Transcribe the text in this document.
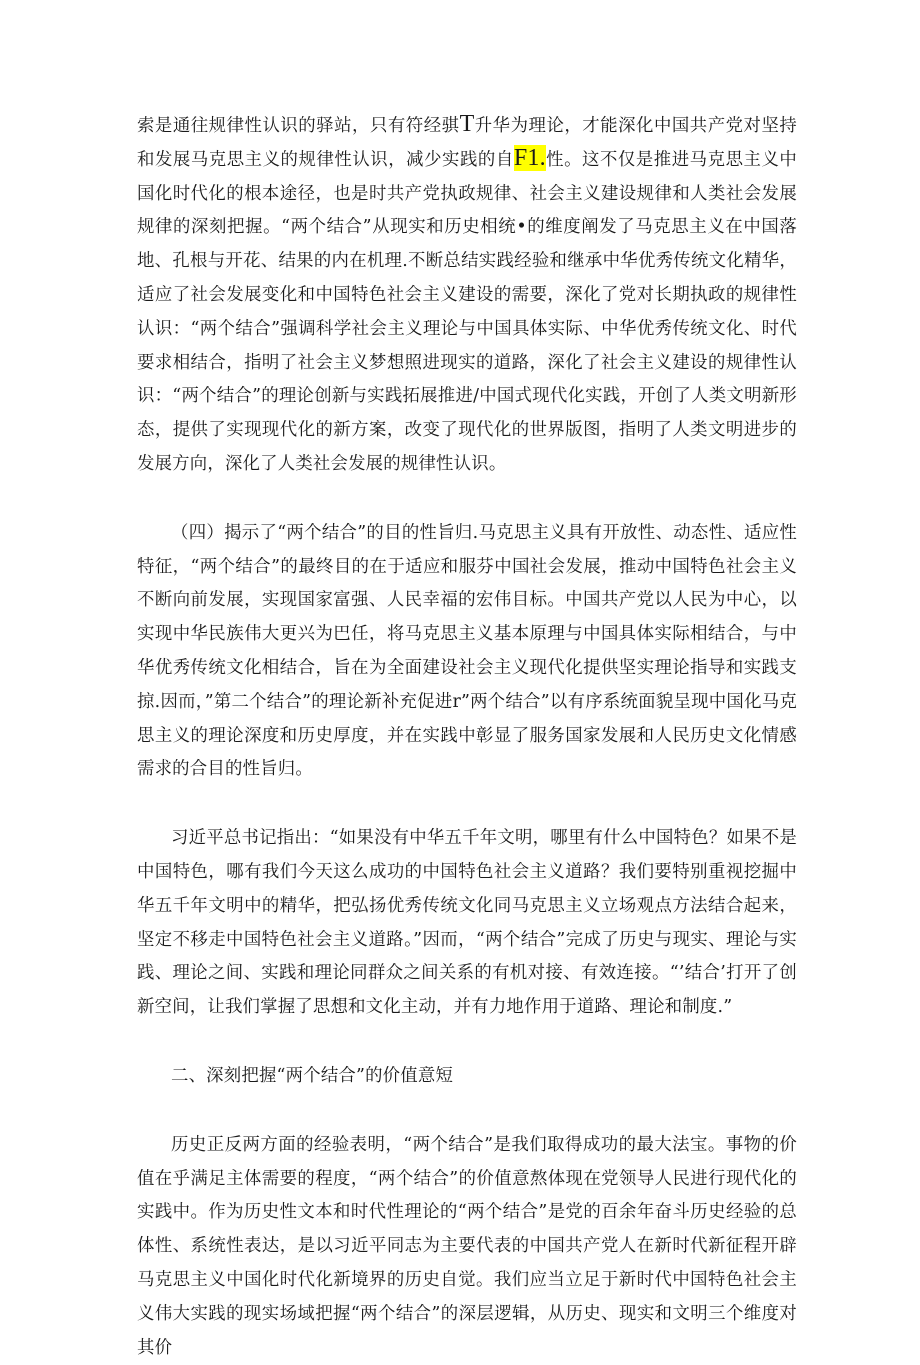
索是通往规律性认识的驿站，只有符经骐T升华为理论，才能深化中国共产党对坚持和发展马克思主义的规律性认识，减少实践的自F1.性。这不仅是推进马克思主义中国化时代化的根本途径，也是时共产党执政规律、社会主义建设规律和人类社会发展规律的深刻把握。“两个结合”从现实和历史相统•的维度阐发了马克思主义在中国落地、孔根与开花、结果的内在机理.不断总结实践经验和继承中华优秀传统文化精华，适应了社会发展变化和中国特色社会主义建设的需要，深化了党对长期执政的规律性认识：“两个结合”强调科学社会主义理论与中国具体实际、中华优秀传统文化、时代要求相结合，指明了社会主义梦想照进现实的道路，深化了社会主义建设的规律性认识：“两个结合”的理论创新与实践拓展推进/中国式现代化实践，开创了人类文明新形态，提供了实现现代化的新方案，改变了现代化的世界版图，指明了人类文明进步的发展方向，深化了人类社会发展的规律性认识。

（四）揭示了“两个结合”的目的性旨归.马克思主义具有开放性、动态性、适应性特征，“两个结合”的最终目的在于适应和服芬中国社会发展，推动中国特色社会主义不断向前发展，实现国家富强、人民幸福的宏伟目标。中国共产党以人民为中心，以实现中华民族伟大更兴为巴任，将马克思主义基本原理与中国具体实际相结合，与中华优秀传统文化相结合，旨在为全面建设社会主义现代化提供坚实理论指导和实践支掠.因而，”第二个结合”的理论新补充促进r”两个结合”以有序系统面貌呈现中国化马克思主义的理论深度和历史厚度，并在实践中彰显了服务国家发展和人民历史文化情感需求的合目的性旨归。

习近平总书记指出：“如果没有中华五千年文明，哪里有什么中国特色？如果不是中国特色，哪有我们今天这么成功的中国特色社会主义道路？我们要特别重视挖掘中华五千年文明中的精华，把弘扬优秀传统文化同马克思主义立场观点方法结合起来，坚定不移走中国特色社会主义道路。”因而，“两个结合”完成了历史与现实、理论与实践、理论之间、实践和理论同群众之间关系的有机对接、有效连接。“’结合’打开了创新空间，让我们掌握了思想和文化主动，并有力地作用于道路、理论和制度.”

二、深刻把握“两个结合”的价值意短

历史正反两方面的经验表明，“两个结合”是我们取得成功的最大法宝。事物的价值在乎满足主体需要的程度，“两个结合”的价值意熬体现在党领导人民进行现代化的实践中。作为历史性文本和时代性理论的“两个结合”是党的百余年奋斗历史经验的总体性、系统性表达，是以习近平同志为主要代表的中国共产党人在新时代新征程开辟马克思主义中国化时代化新境界的历史自觉。我们应当立足于新时代中国特色社会主义伟大实践的现实场域把握“两个结合”的深层逻辑，从历史、现实和文明三个维度对其价
